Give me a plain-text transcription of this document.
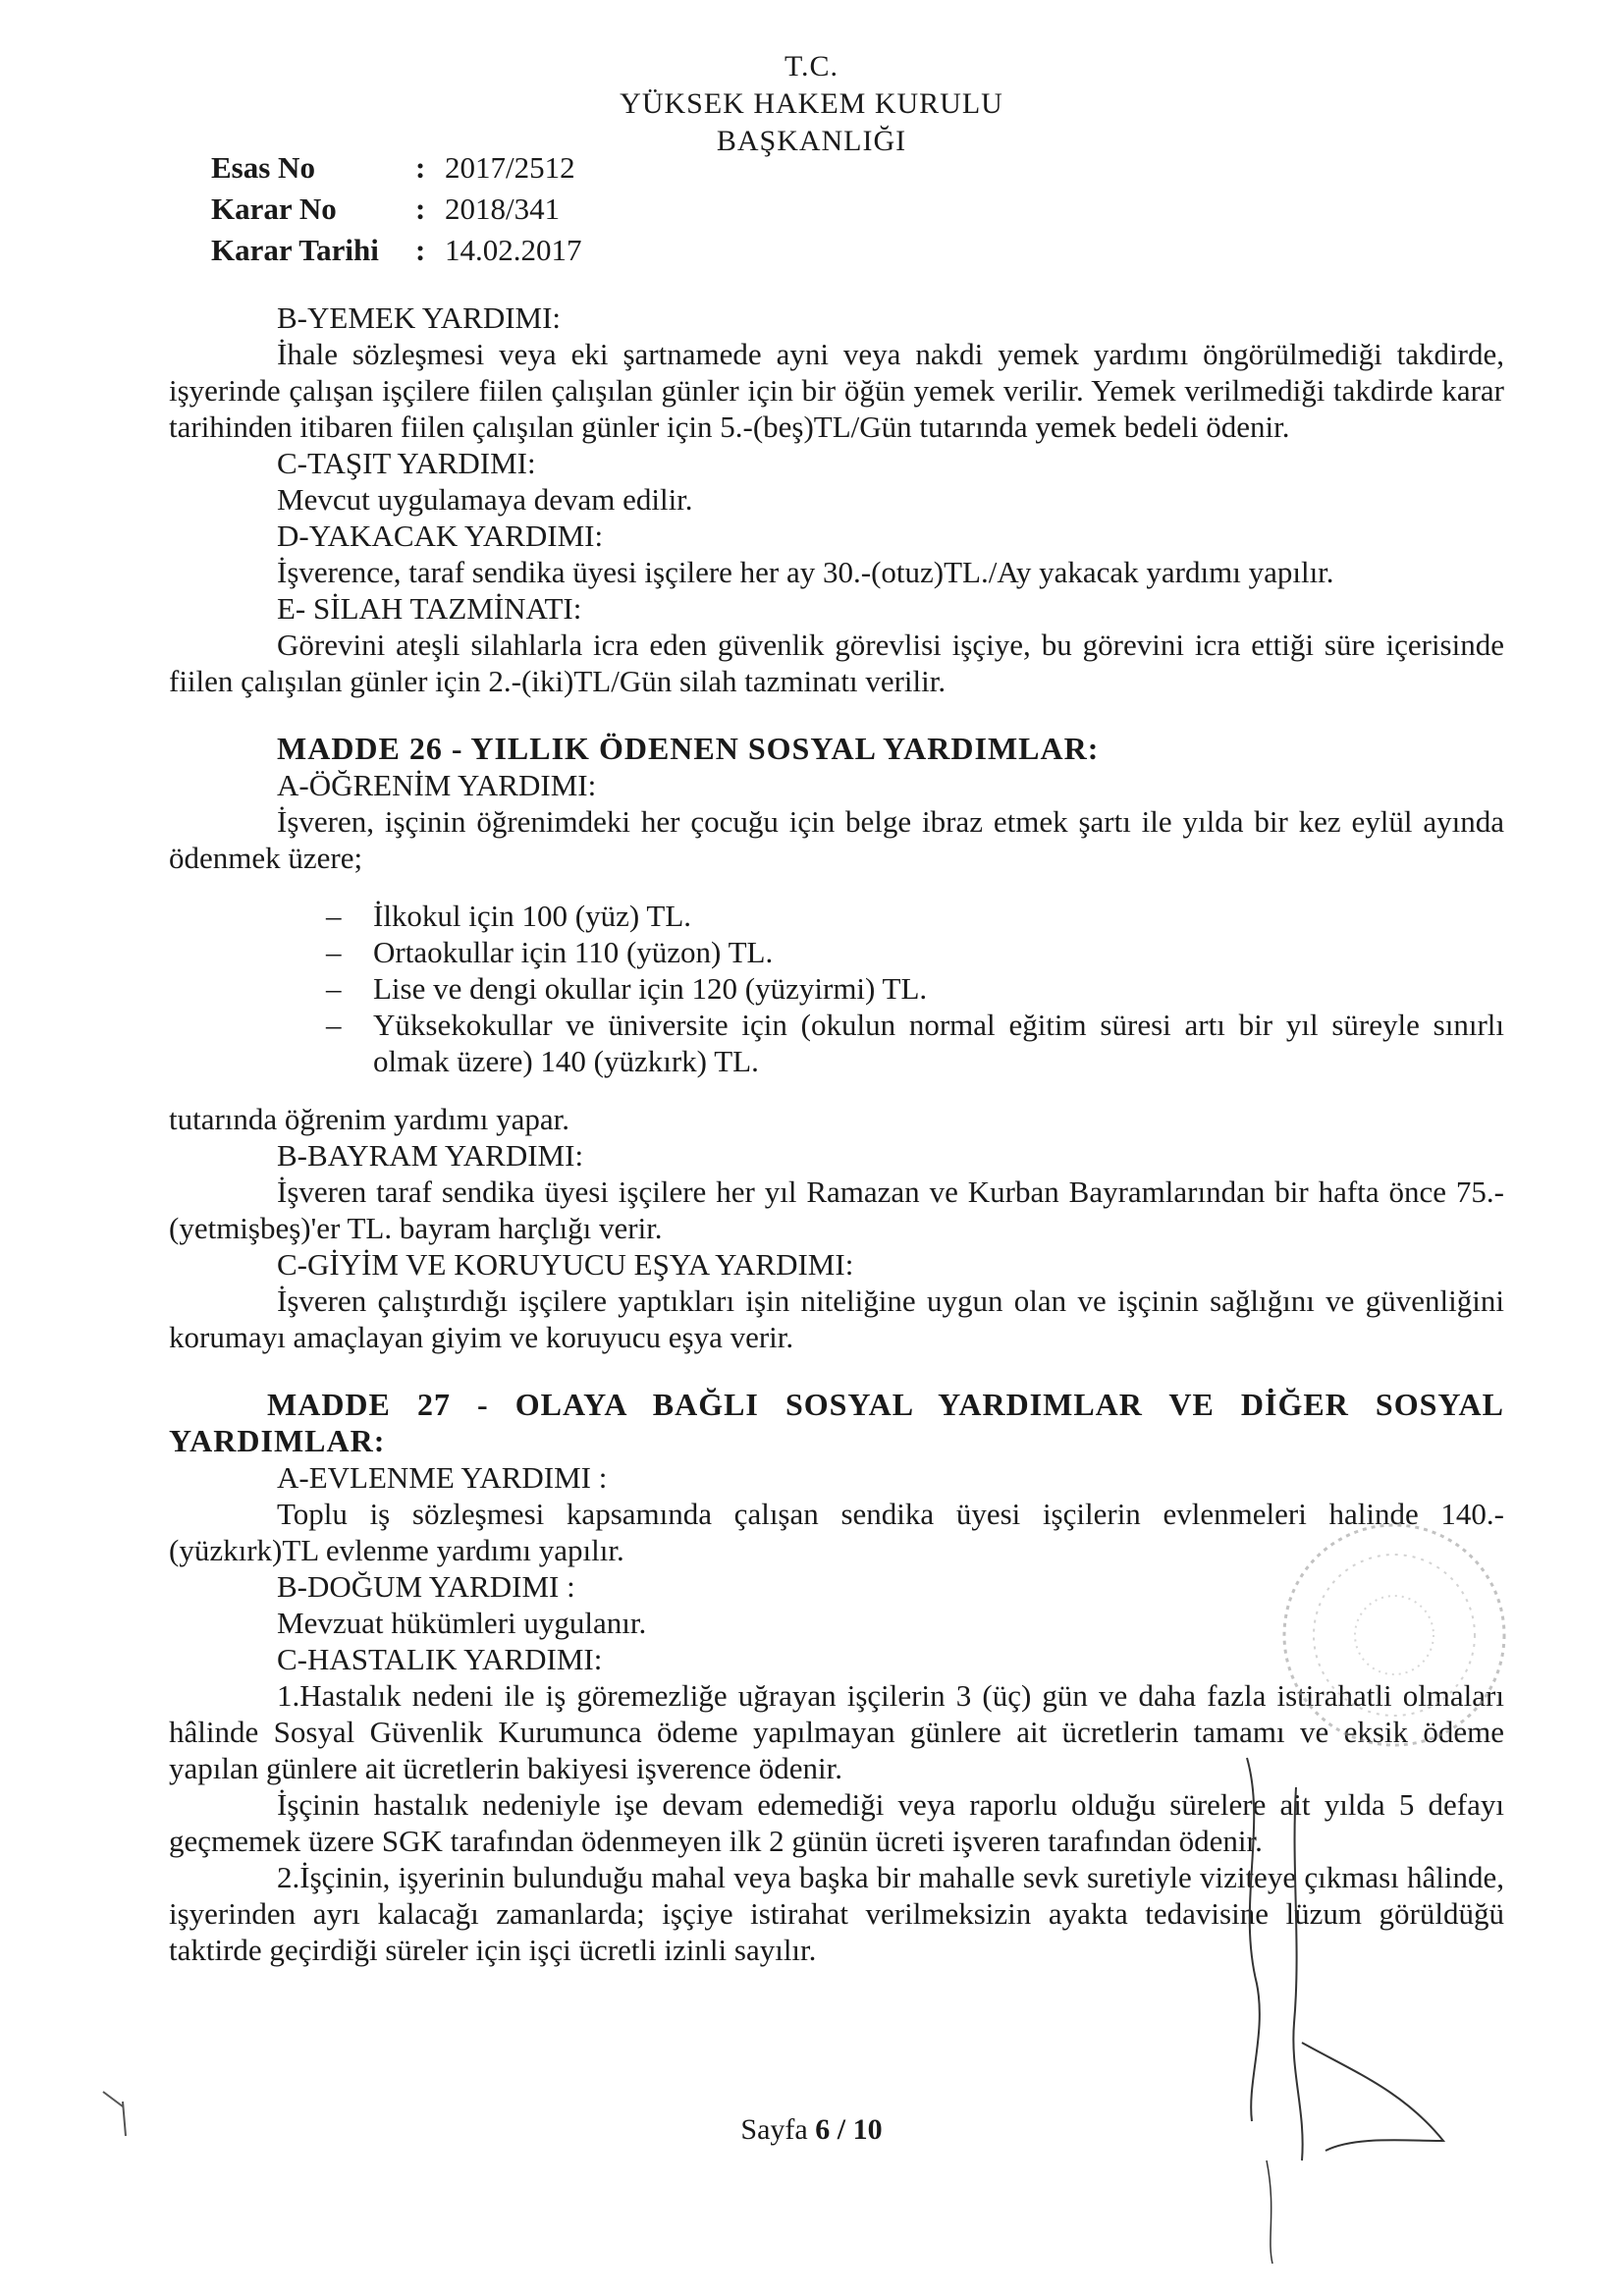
T.C.
YÜKSEK HAKEM KURULU
BAŞKANLIĞI
Esas No	: 2017/2512
Karar No	: 2018/341
Karar Tarihi	: 14.02.2017
B-YEMEK YARDIMI:
İhale sözleşmesi veya eki şartnamede ayni veya nakdi yemek yardımı öngörülmediği takdirde, işyerinde çalışan işçilere fiilen çalışılan günler için bir öğün yemek verilir. Yemek verilmediği takdirde karar tarihinden itibaren fiilen çalışılan günler için 5.-(beş)TL/Gün tutarında yemek bedeli ödenir.
C-TAŞIT YARDIMI:
Mevcut uygulamaya devam edilir.
D-YAKACAK YARDIMI:
İşverence, taraf sendika üyesi işçilere her ay 30.-(otuz)TL./Ay yakacak yardımı yapılır.
E- SİLAH TAZMİNATI:
Görevini ateşli silahlarla icra eden güvenlik görevlisi işçiye, bu görevini icra ettiği süre içerisinde fiilen çalışılan günler için 2.-(iki)TL/Gün silah tazminatı verilir.
MADDE 26 - YILLIK ÖDENEN SOSYAL YARDIMLAR:
A-ÖĞRENİM YARDIMI:
İşveren, işçinin öğrenimdeki her çocuğu için belge ibraz etmek şartı ile yılda bir kez eylül ayında ödenmek üzere;
–	İlkokul için 100 (yüz) TL.
–	Ortaokullar için 110 (yüzon) TL.
–	Lise ve dengi okullar için 120 (yüzyirmi) TL.
–	Yüksekokullar ve üniversite için (okulun normal eğitim süresi artı bir yıl süreyle sınırlı olmak üzere) 140 (yüzkırk) TL.
tutarında öğrenim yardımı yapar.
B-BAYRAM YARDIMI:
İşveren taraf sendika üyesi işçilere her yıl Ramazan ve Kurban Bayramlarından bir hafta önce 75.-(yetmişbeş)'er TL. bayram harçlığı verir.
C-GİYİM VE KORUYUCU EŞYA YARDIMI:
İşveren çalıştırdığı işçilere yaptıkları işin niteliğine uygun olan ve işçinin sağlığını ve güvenliğini korumayı amaçlayan giyim ve koruyucu eşya verir.
MADDE 27 - OLAYA BAĞLI SOSYAL YARDIMLAR VE DİĞER SOSYAL YARDIMLAR:
A-EVLENME YARDIMI :
Toplu iş sözleşmesi kapsamında çalışan sendika üyesi işçilerin evlenmeleri halinde 140.-(yüzkırk)TL evlenme yardımı yapılır.
B-DOĞUM YARDIMI :
Mevzuat hükümleri uygulanır.
C-HASTALIK YARDIMI:
1.Hastalık nedeni ile iş göremezliğe uğrayan işçilerin 3 (üç) gün ve daha fazla istirahatli olmaları hâlinde Sosyal Güvenlik Kurumunca ödeme yapılmayan günlere ait ücretlerin tamamı ve eksik ödeme yapılan günlere ait ücretlerin bakiyesi işverence ödenir.
İşçinin hastalık nedeniyle işe devam edemediği veya raporlu olduğu sürelere ait yılda 5 defayı geçmemek üzere SGK tarafından ödenmeyen ilk 2 günün ücreti işveren tarafından ödenir.
2.İşçinin, işyerinin bulunduğu mahal veya başka bir mahalle sevk suretiyle viziteye çıkması hâlinde, işyerinden ayrı kalacağı zamanlarda; işçiye istirahat verilmeksizin ayakta tedavisine lüzum görüldüğü taktirde geçirdiği süreler için işçi ücretli izinli sayılır.
Sayfa 6 / 10
